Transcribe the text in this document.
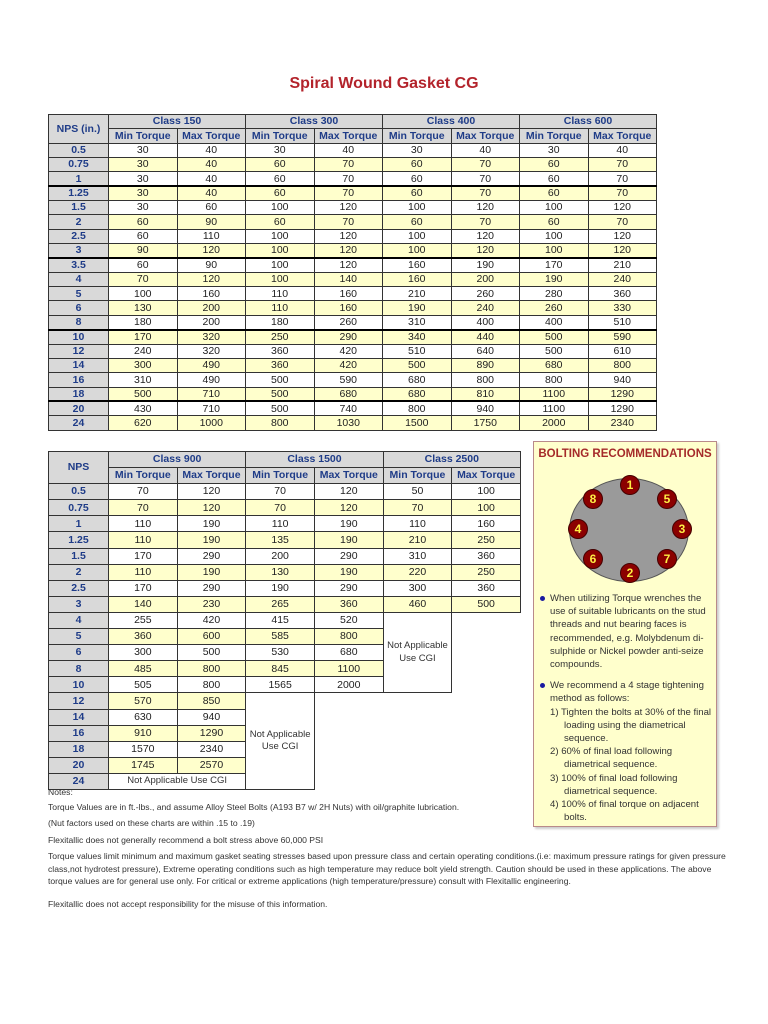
Spiral Wound Gasket CG
NPS (in.)	Class 150		Class 300		Class 400		Class 600	
	Min Torque	Max Torque	Min Torque	Max Torque	Min Torque	Max Torque	Min Torque	Max Torque
0.5	30	40	30	40	30	40	30	40
0.75	30	40	60	70	60	70	60	70
1	30	40	60	70	60	70	60	70
1.25	30	40	60	70	60	70	60	70
1.5	30	60	100	120	100	120	100	120
2	60	90	60	70	60	70	60	70
2.5	60	110	100	120	100	120	100	120
3	90	120	100	120	100	120	100	120
3.5	60	90	100	120	160	190	170	210
4	70	120	100	140	160	200	190	240
5	100	160	110	160	210	260	280	360
6	130	200	110	160	190	240	260	330
8	180	200	180	260	310	400	400	510
10	170	320	250	290	340	440	500	590
12	240	320	360	420	510	640	500	610
14	300	490	360	420	500	890	680	800
16	310	490	500	590	680	800	800	940
18	500	710	500	680	680	810	1100	1290
20	430	710	500	740	800	940	1100	1290
24	620	1000	800	1030	1500	1750	2000	2340
NPS	Class 900		Class 1500		Class 2500	
	Min Torque	Max Torque	Min Torque	Max Torque	Min Torque	Max Torque
0.5	70	120	70	120	50	100
0.75	70	120	70	120	70	100
1	110	190	110	190	110	160
1.25	110	190	135	190	210	250
1.5	170	290	200	290	310	360
2	110	190	130	190	220	250
2.5	170	290	190	290	300	360
3	140	230	265	360	460	500
4	255	420	415	520	Not Applicable
Use CGI	

5	360	600	585	800		
6	300	500	530	680		
8	485	800	845	1100		
10	505	800	1565	2000		
12	570	850	Not Applicable
Use CGI			

14	630	940				
16	910	1290				
18	1570	2340				
20	1745	2570				
24	Not Applicable Use CGI					
BOLTING RECOMMENDATIONS
1
5
3
7
2
6
4
8

When utilizing Torque wrenches the use of suitable lubricants on the stud threads and nut bearing faces is recommended, e.g. Molybdenum di-sulphide or Nickel powder anti-seize compounds.

We recommend a 4 stage tightening method as follows:

1) Tighten the bolts at 30% of the final loading using the diametrical sequence.
2) 60% of final load following diametrical sequence.
3) 100% of final load following diametrical sequence.
4) 100% of final torque on adjacent bolts.
Notes:
Torque Values are in ft.-lbs., and assume Alloy Steel Bolts (A193 B7 w/ 2H Nuts) with oil/graphite lubrication.
(Nut factors used on these charts are within .15 to .19)
Flexitallic does not generally recommend a bolt stress above 60,000 PSI
Torque values limit minimum and maximum gasket seating stresses based upon pressure class and certain operating conditions.(i.e: maximum pressure ratings for given pressure class,not hydrotest pressure), Extreme operating conditions such as high temperature may reduce bolt yield strength. Caution should be used in these applications. The above torque values are for general use only. For critical or extreme applications (high temperature/pressure) consult with Flexitallic engineering.
Flexitallic does not accept responsibility for the misuse of this information.
